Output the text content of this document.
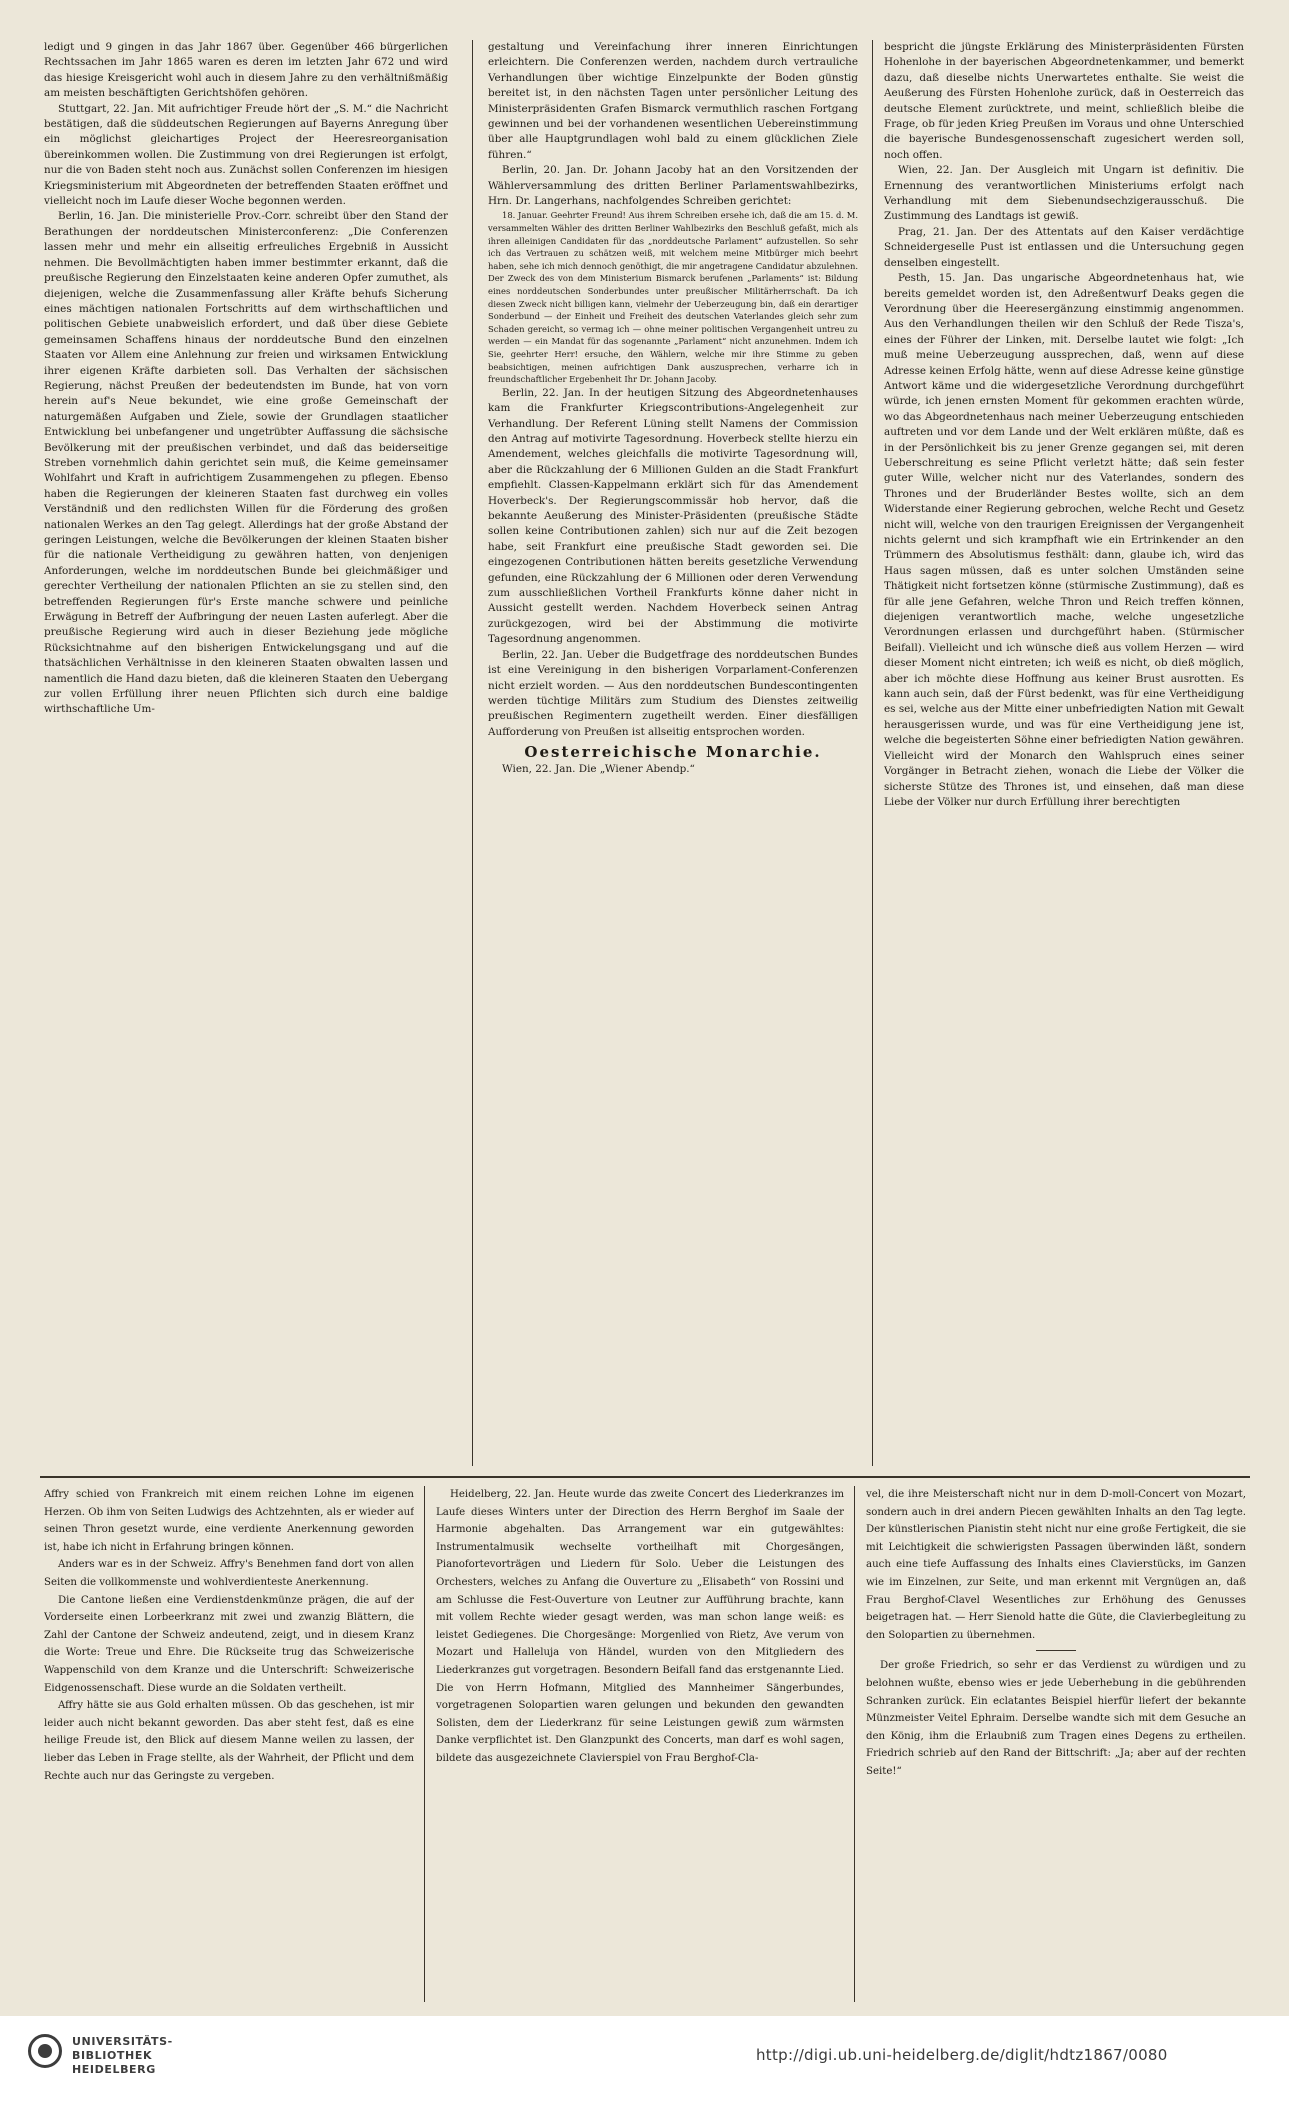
ledigt und 9 gingen in das Jahr 1867 über. Gegenüber 466 bürgerlichen Rechtssachen im Jahr 1865 waren es deren im letzten Jahr 672 und wird das hiesige Kreisgericht wohl auch in diesem Jahre zu den verhältnißmäßig am meisten beschäftigten Gerichtshöfen gehören.

Stuttgart, 22. Jan. Mit aufrichtiger Freude hört der „S. M.“ die Nachricht bestätigen, daß die süddeutschen Regierungen auf Bayerns Anregung über ein möglichst gleichartiges Project der Heeresreorganisation übereinkommen wollen. Die Zustimmung von drei Regierungen ist erfolgt, nur die von Baden steht noch aus. Zunächst sollen Conferenzen im hiesigen Kriegsministerium mit Abgeordneten der betreffenden Staaten eröffnet und vielleicht noch im Laufe dieser Woche begonnen werden.

Berlin, 16. Jan. Die ministerielle Prov.-Corr. schreibt über den Stand der Berathungen der norddeutschen Ministerconferenz: „Die Conferenzen lassen mehr und mehr ein allseitig erfreuliches Ergebniß in Aussicht nehmen. Die Bevollmächtigten haben immer bestimmter erkannt, daß die preußische Regierung den Einzelstaaten keine anderen Opfer zumuthet, als diejenigen, welche die Zusammenfassung aller Kräfte behufs Sicherung eines mächtigen nationalen Fortschritts auf dem wirthschaftlichen und politischen Gebiete unabweislich erfordert, und daß über diese Gebiete gemeinsamen Schaffens hinaus der norddeutsche Bund den einzelnen Staaten vor Allem eine Anlehnung zur freien und wirksamen Entwicklung ihrer eigenen Kräfte darbieten soll. Das Verhalten der sächsischen Regierung, nächst Preußen der bedeutendsten im Bunde, hat von vorn herein auf's Neue bekundet, wie eine große Gemeinschaft der naturgemäßen Aufgaben und Ziele, sowie der Grundlagen staatlicher Entwicklung bei unbefangener und ungetrübter Auffassung die sächsische Bevölkerung mit der preußischen verbindet, und daß das beiderseitige Streben vornehmlich dahin gerichtet sein muß, die Keime gemeinsamer Wohlfahrt und Kraft in aufrichtigem Zusammengehen zu pflegen. Ebenso haben die Regierungen der kleineren Staaten fast durchweg ein volles Verständniß und den redlichsten Willen für die Förderung des großen nationalen Werkes an den Tag gelegt. Allerdings hat der große Abstand der geringen Leistungen, welche die Bevölkerungen der kleinen Staaten bisher für die nationale Vertheidigung zu gewähren hatten, von denjenigen Anforderungen, welche im norddeutschen Bunde bei gleichmäßiger und gerechter Vertheilung der nationalen Pflichten an sie zu stellen sind, den betreffenden Regierungen für's Erste manche schwere und peinliche Erwägung in Betreff der Aufbringung der neuen Lasten auferlegt. Aber die preußische Regierung wird auch in dieser Beziehung jede mögliche Rücksichtnahme auf den bisherigen Entwickelungsgang und auf die thatsächlichen Verhältnisse in den kleineren Staaten obwalten lassen und namentlich die Hand dazu bieten, daß die kleineren Staaten den Uebergang zur vollen Erfüllung ihrer neuen Pflichten sich durch eine baldige wirthschaftliche Um-

gestaltung und Vereinfachung ihrer inneren Einrichtungen erleichtern. Die Conferenzen werden, nachdem durch vertrauliche Verhandlungen über wichtige Einzelpunkte der Boden günstig bereitet ist, in den nächsten Tagen unter persönlicher Leitung des Ministerpräsidenten Grafen Bismarck vermuthlich raschen Fortgang gewinnen und bei der vorhandenen wesentlichen Uebereinstimmung über alle Hauptgrundlagen wohl bald zu einem glücklichen Ziele führen.“

Berlin, 20. Jan. Dr. Johann Jacoby hat an den Vorsitzenden der Wählerversammlung des dritten Berliner Parlamentswahlbezirks, Hrn. Dr. Langerhans, nachfolgendes Schreiben gerichtet:

18. Januar. Geehrter Freund! Aus ihrem Schreiben ersehe ich, daß die am 15. d. M. versammelten Wähler des dritten Berliner Wahlbezirks den Beschluß gefaßt, mich als ihren alleinigen Candidaten für das „norddeutsche Parlament“ aufzustellen. So sehr ich das Vertrauen zu schätzen weiß, mit welchem meine Mitbürger mich beehrt haben, sehe ich mich dennoch genöthigt, die mir angetragene Candidatur abzulehnen. Der Zweck des von dem Ministerium Bismarck berufenen „Parlaments“ ist: Bildung eines norddeutschen Sonderbundes unter preußischer Militärherrschaft. Da ich diesen Zweck nicht billigen kann, vielmehr der Ueberzeugung bin, daß ein derartiger Sonderbund — der Einheit und Freiheit des deutschen Vaterlandes gleich sehr zum Schaden gereicht, so vermag ich — ohne meiner politischen Vergangenheit untreu zu werden — ein Mandat für das sogenannte „Parlament“ nicht anzunehmen. Indem ich Sie, geehrter Herr! ersuche, den Wählern, welche mir ihre Stimme zu geben beabsichtigen, meinen aufrichtigen Dank auszusprechen, verharre ich in freundschaftlicher Ergebenheit Ihr Dr. Johann Jacoby.

Berlin, 22. Jan. In der heutigen Sitzung des Abgeordnetenhauses kam die Frankfurter Kriegscontributions-Angelegenheit zur Verhandlung. Der Referent Lüning stellt Namens der Commission den Antrag auf motivirte Tagesordnung. Hoverbeck stellte hierzu ein Amendement, welches gleichfalls die motivirte Tagesordnung will, aber die Rückzahlung der 6 Millionen Gulden an die Stadt Frankfurt empfiehlt. Classen-Kappelmann erklärt sich für das Amendement Hoverbeck's. Der Regierungscommissär hob hervor, daß die bekannte Aeußerung des Minister-Präsidenten (preußische Städte sollen keine Contributionen zahlen) sich nur auf die Zeit bezogen habe, seit Frankfurt eine preußische Stadt geworden sei. Die eingezogenen Contributionen hätten bereits gesetzliche Verwendung gefunden, eine Rückzahlung der 6 Millionen oder deren Verwendung zum ausschließlichen Vortheil Frankfurts könne daher nicht in Aussicht gestellt werden. Nachdem Hoverbeck seinen Antrag zurückgezogen, wird bei der Abstimmung die motivirte Tagesordnung angenommen.

Berlin, 22. Jan. Ueber die Budgetfrage des norddeutschen Bundes ist eine Vereinigung in den bisherigen Vorparlament-Conferenzen nicht erzielt worden. — Aus den norddeutschen Bundescontingenten werden tüchtige Militärs zum Studium des Dienstes zeitweilig preußischen Regimentern zugetheilt werden. Einer diesfälligen Aufforderung von Preußen ist allseitig entsprochen worden.

Oesterreichische Monarchie.

Wien, 22. Jan. Die „Wiener Abendp.“

bespricht die jüngste Erklärung des Ministerpräsidenten Fürsten Hohenlohe in der bayerischen Abgeordnetenkammer, und bemerkt dazu, daß dieselbe nichts Unerwartetes enthalte. Sie weist die Aeußerung des Fürsten Hohenlohe zurück, daß in Oesterreich das deutsche Element zurücktrete, und meint, schließlich bleibe die Frage, ob für jeden Krieg Preußen im Voraus und ohne Unterschied die bayerische Bundesgenossenschaft zugesichert werden soll, noch offen.

Wien, 22. Jan. Der Ausgleich mit Ungarn ist definitiv. Die Ernennung des verantwortlichen Ministeriums erfolgt nach Verhandlung mit dem Siebenundsechzigerausschuß. Die Zustimmung des Landtags ist gewiß.

Prag, 21. Jan. Der des Attentats auf den Kaiser verdächtige Schneidergeselle Pust ist entlassen und die Untersuchung gegen denselben eingestellt.

Pesth, 15. Jan. Das ungarische Abgeordnetenhaus hat, wie bereits gemeldet worden ist, den Adreßentwurf Deaks gegen die Verordnung über die Heeresergänzung einstimmig angenommen. Aus den Verhandlungen theilen wir den Schluß der Rede Tisza's, eines der Führer der Linken, mit. Derselbe lautet wie folgt: „Ich muß meine Ueberzeugung aussprechen, daß, wenn auf diese Adresse keinen Erfolg hätte, wenn auf diese Adresse keine günstige Antwort käme und die widergesetzliche Verordnung durchgeführt würde, ich jenen ernsten Moment für gekommen erachten würde, wo das Abgeordnetenhaus nach meiner Ueberzeugung entschieden auftreten und vor dem Lande und der Welt erklären müßte, daß es in der Persönlichkeit bis zu jener Grenze gegangen sei, mit deren Ueberschreitung es seine Pflicht verletzt hätte; daß sein fester guter Wille, welcher nicht nur des Vaterlandes, sondern des Thrones und der Bruderländer Bestes wollte, sich an dem Widerstande einer Regierung gebrochen, welche Recht und Gesetz nicht will, welche von den traurigen Ereignissen der Vergangenheit nichts gelernt und sich krampfhaft wie ein Ertrinkender an den Trümmern des Absolutismus festhält: dann, glaube ich, wird das Haus sagen müssen, daß es unter solchen Umständen seine Thätigkeit nicht fortsetzen könne (stürmische Zustimmung), daß es für alle jene Gefahren, welche Thron und Reich treffen können, diejenigen verantwortlich mache, welche ungesetzliche Verordnungen erlassen und durchgeführt haben. (Stürmischer Beifall). Vielleicht und ich wünsche dieß aus vollem Herzen — wird dieser Moment nicht eintreten; ich weiß es nicht, ob dieß möglich, aber ich möchte diese Hoffnung aus keiner Brust ausrotten. Es kann auch sein, daß der Fürst bedenkt, was für eine Vertheidigung es sei, welche aus der Mitte einer unbefriedigten Nation mit Gewalt herausgerissen wurde, und was für eine Vertheidigung jene ist, welche die begeisterten Söhne einer befriedigten Nation gewähren. Vielleicht wird der Monarch den Wahlspruch eines seiner Vorgänger in Betracht ziehen, wonach die Liebe der Völker die sicherste Stütze des Thrones ist, und einsehen, daß man diese Liebe der Völker nur durch Erfüllung ihrer berechtigten

Affry schied von Frankreich mit einem reichen Lohne im eigenen Herzen. Ob ihm von Seiten Ludwigs des Achtzehnten, als er wieder auf seinen Thron gesetzt wurde, eine verdiente Anerkennung geworden ist, habe ich nicht in Erfahrung bringen können.

Anders war es in der Schweiz. Affry's Benehmen fand dort von allen Seiten die vollkommenste und wohlverdienteste Anerkennung.

Die Cantone ließen eine Verdienstdenkmünze prägen, die auf der Vorderseite einen Lorbeerkranz mit zwei und zwanzig Blättern, die Zahl der Cantone der Schweiz andeutend, zeigt, und in diesem Kranz die Worte: Treue und Ehre. Die Rückseite trug das Schweizerische Wappenschild von dem Kranze und die Unterschrift: Schweizerische Eidgenossenschaft. Diese wurde an die Soldaten vertheilt.

Affry hätte sie aus Gold erhalten müssen. Ob das geschehen, ist mir leider auch nicht bekannt geworden. Das aber steht fest, daß es eine heilige Freude ist, den Blick auf diesem Manne weilen zu lassen, der lieber das Leben in Frage stellte, als der Wahrheit, der Pflicht und dem Rechte auch nur das Geringste zu vergeben.

Heidelberg, 22. Jan. Heute wurde das zweite Concert des Liederkranzes im Laufe dieses Winters unter der Direction des Herrn Berghof im Saale der Harmonie abgehalten. Das Arrangement war ein gutgewähltes: Instrumentalmusik wechselte vortheilhaft mit Chorgesängen, Pianofortevorträgen und Liedern für Solo. Ueber die Leistungen des Orchesters, welches zu Anfang die Ouverture zu „Elisabeth“ von Rossini und am Schlusse die Fest-Ouverture von Leutner zur Aufführung brachte, kann mit vollem Rechte wieder gesagt werden, was man schon lange weiß: es leistet Gediegenes. Die Chorgesänge: Morgenlied von Rietz, Ave verum von Mozart und Halleluja von Händel, wurden von den Mitgliedern des Liederkranzes gut vorgetragen. Besondern Beifall fand das erstgenannte Lied. Die von Herrn Hofmann, Mitglied des Mannheimer Sängerbundes, vorgetragenen Solopartien waren gelungen und bekunden den gewandten Solisten, dem der Liederkranz für seine Leistungen gewiß zum wärmsten Danke verpflichtet ist. Den Glanzpunkt des Concerts, man darf es wohl sagen, bildete das ausgezeichnete Clavierspiel von Frau Berghof-Cla-

vel, die ihre Meisterschaft nicht nur in dem D-moll-Concert von Mozart, sondern auch in drei andern Piecen gewählten Inhalts an den Tag legte. Der künstlerischen Pianistin steht nicht nur eine große Fertigkeit, die sie mit Leichtigkeit die schwierigsten Passagen überwinden läßt, sondern auch eine tiefe Auffassung des Inhalts eines Clavierstücks, im Ganzen wie im Einzelnen, zur Seite, und man erkennt mit Vergnügen an, daß Frau Berghof-Clavel Wesentliches zur Erhöhung des Genusses beigetragen hat. — Herr Sienold hatte die Güte, die Clavierbegleitung zu den Solopartien zu übernehmen.

Der große Friedrich, so sehr er das Verdienst zu würdigen und zu belohnen wußte, ebenso wies er jede Ueberhebung in die gebührenden Schranken zurück. Ein eclatantes Beispiel hierfür liefert der bekannte Münzmeister Veitel Ephraim. Derselbe wandte sich mit dem Gesuche an den König, ihm die Erlaubniß zum Tragen eines Degens zu ertheilen. Friedrich schrieb auf den Rand der Bittschrift: „Ja; aber auf der rechten Seite!“

UNIVERSITÄTS-
BIBLIOTHEK
HEIDELBERG
http://digi.ub.uni-heidelberg.de/diglit/hdtz1867/0080
